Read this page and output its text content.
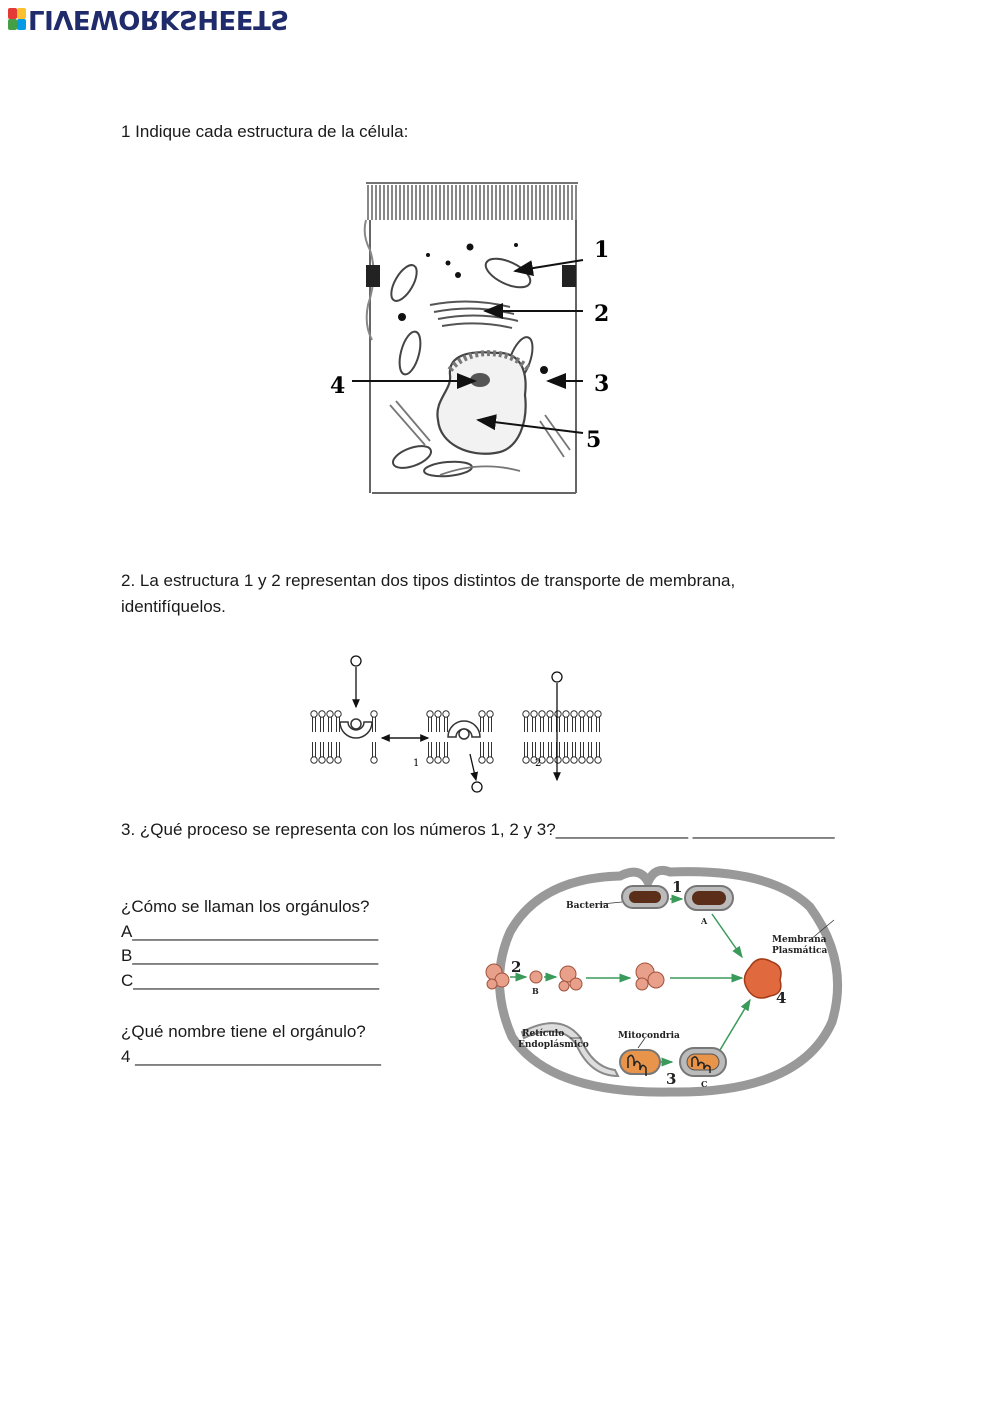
LIVEWORKSHEETS
1 Indique cada estructura de la célula:
1
2
3
4
5
2. La estructura 1 y 2 representan dos tipos distintos de transporte de membrana,
identifíquelos.
1	2
3. ¿Qué proceso se representa con los números 1, 2 y 3?______________ _______________
¿Cómo se llaman los orgánulos?
A__________________________
B__________________________
C__________________________
¿Qué nombre tiene el orgánulo?
4 __________________________
Bacteria
Membrana
Plasmática
Retículo
Endoplásmico
Mitocondria
A
B
C
1
2
3
4
